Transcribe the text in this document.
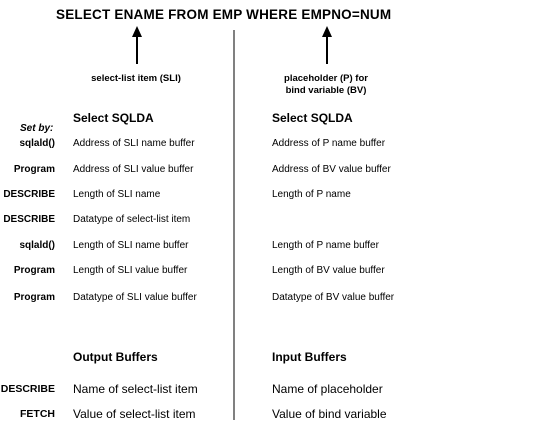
SELECT ENAME FROM EMP WHERE EMPNO=NUM
select-list item (SLI)	placeholder (P) for
bind variable (BV)
Select SQLDA	Select SQLDA
Set by:
sqlald() Address of SLI name buffer	Address of P name buffer
Program Address of SLI value buffer	Address of BV value buffer
DESCRIBE Length of SLI name	Length of P name
DESCRIBE Datatype of select-list item
sqlald() Length of SLI name buffer	Length of P name buffer
Program Length of SLI value buffer	Length of BV value buffer
Program Datatype of SLI value buffer	Datatype of BV value buffer
Output Buffers	Input Buffers
DESCRIBE Name of select-list item	Name of placeholder
FETCH Value of select-list item	Value of bind variable
